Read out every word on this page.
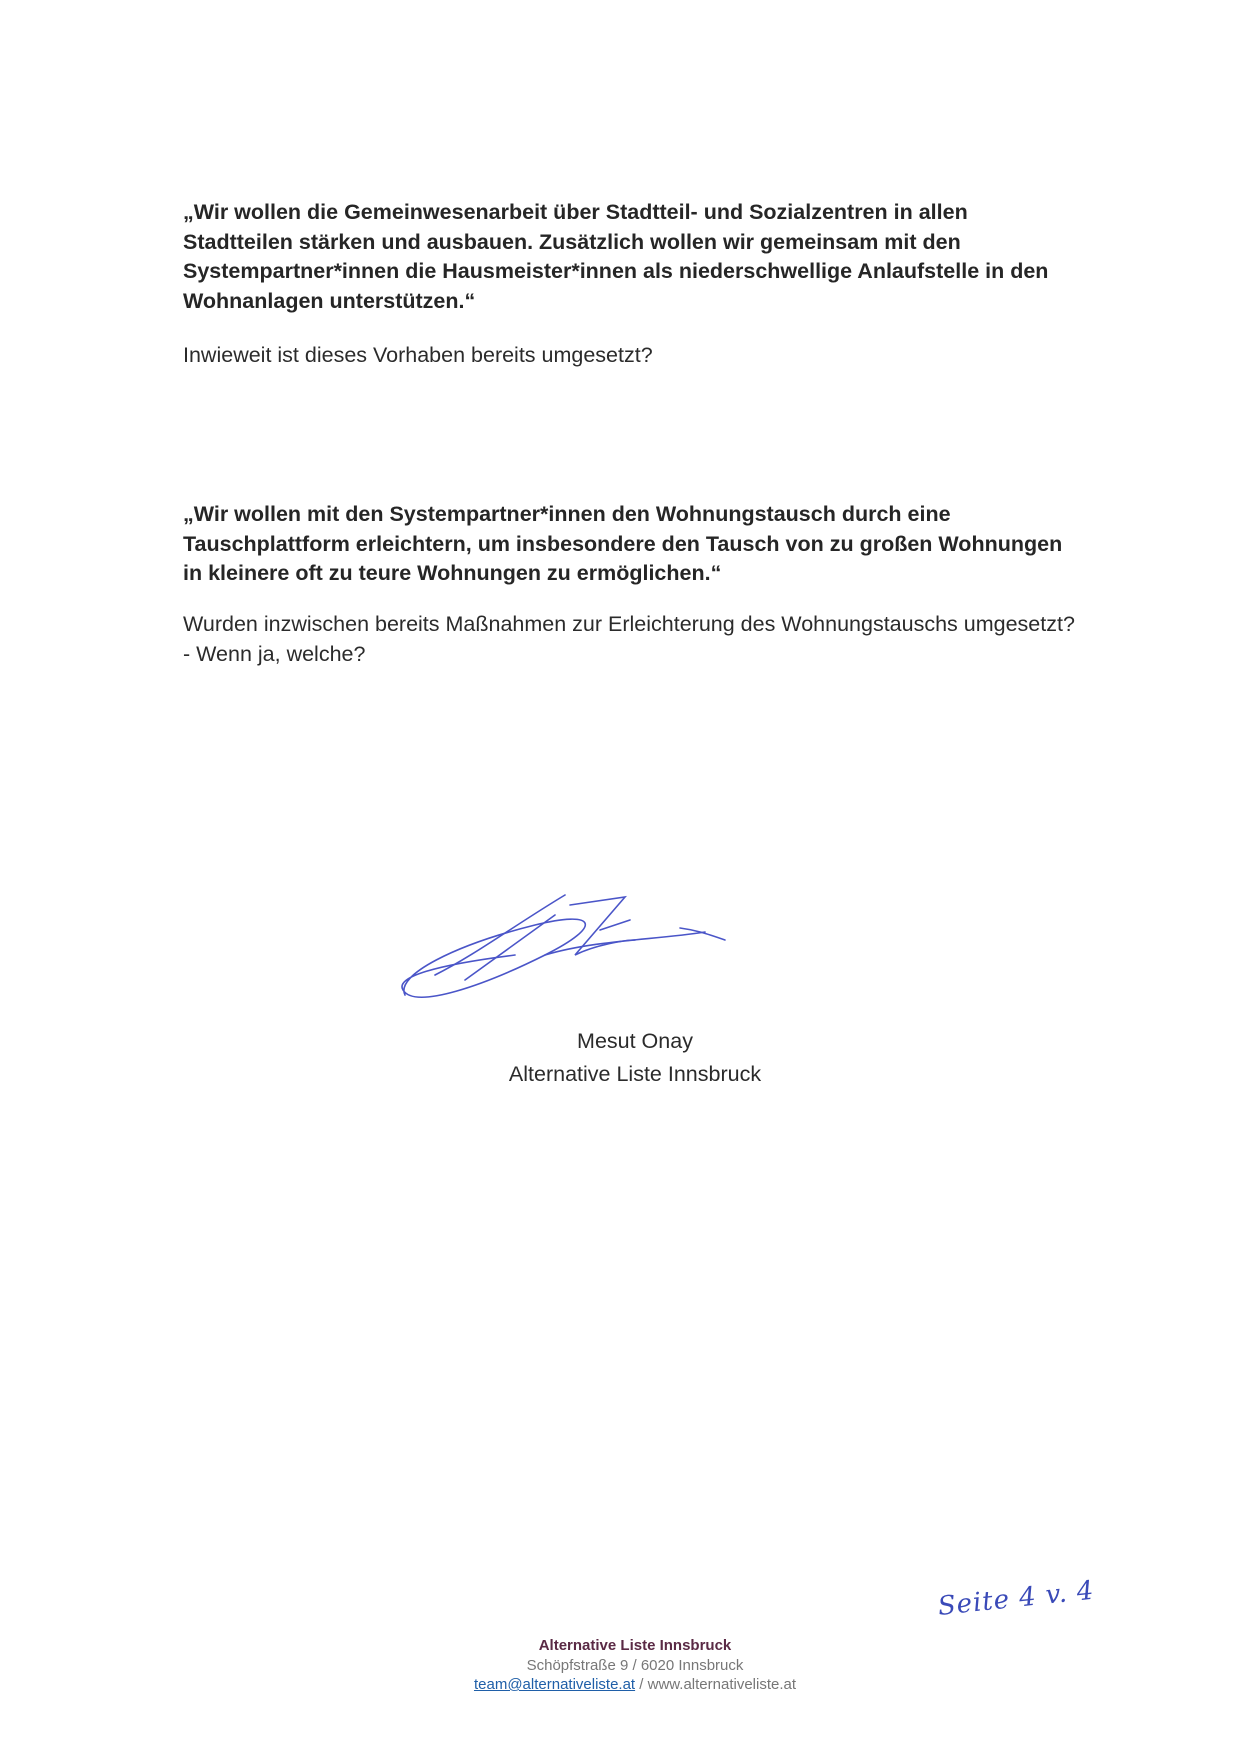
„Wir wollen die Gemeinwesenarbeit über Stadtteil- und Sozialzentren in allen Stadtteilen stärken und ausbauen. Zusätzlich wollen wir gemeinsam mit den Systempartner*innen die Hausmeister*innen als niederschwellige Anlaufstelle in den Wohnanlagen unterstützen.“
Inwieweit ist dieses Vorhaben bereits umgesetzt?
„Wir wollen mit den Systempartner*innen den Wohnungstausch durch eine Tauschplattform erleichtern, um insbesondere den Tausch von zu großen Wohnungen in kleinere oft zu teure Wohnungen zu ermöglichen.“

Wurden inzwischen bereits Maßnahmen zur Erleichterung des Wohnungstauschs umgesetzt?

- Wenn ja, welche?

Mesut Onay
Alternative Liste Innsbruck
Seite 4 v. 4
Alternative Liste Innsbruck
Schöpfstraße 9 / 6020 Innsbruck
team@alternativeliste.at / www.alternativeliste.at
